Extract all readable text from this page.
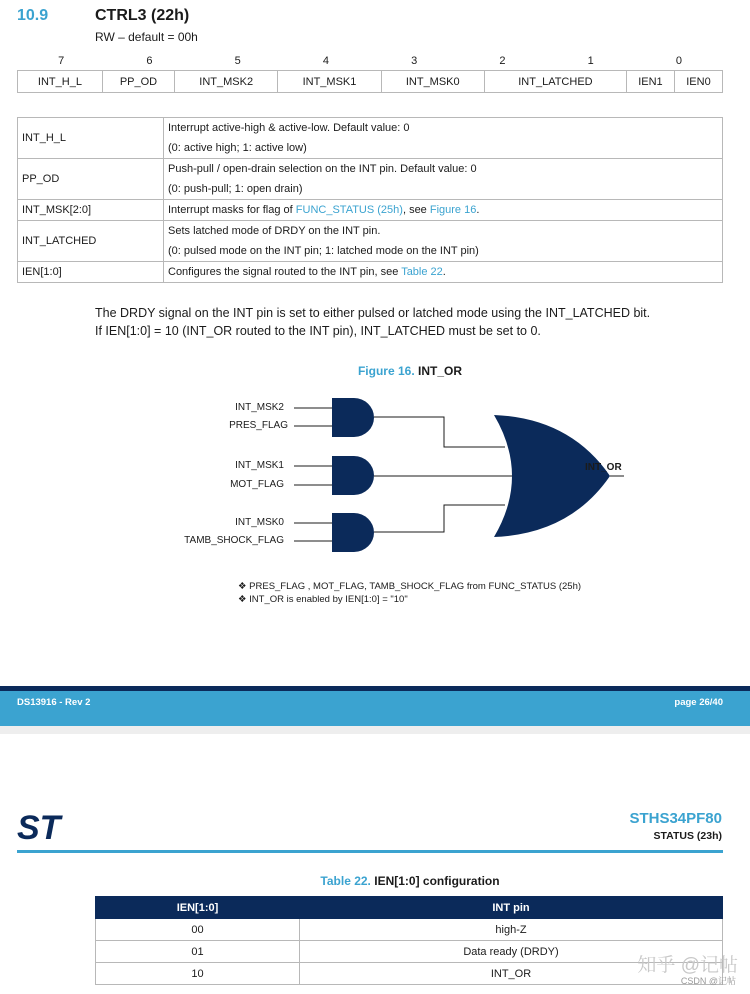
10.9	CTRL3 (22h)
RW – default = 00h
7	6	5	4	3	2	1	0
INT_H_L	PP_OD	INT_MSK2	INT_MSK1	INT_MSK0	INT_LATCHED	IEN1	IEN0
INT_H_L	Interrupt active-high & active-low. Default value: 0
(0: active high; 1: active low)

PP_OD	Push-pull / open-drain selection on the INT pin. Default value: 0
(0: push-pull; 1: open drain)

INT_MSK[2:0]	Interrupt masks for flag of FUNC_STATUS (25h), see Figure 16.

INT_LATCHED	Sets latched mode of DRDY on the INT pin.
(0: pulsed mode on the INT pin; 1: latched mode on the INT pin)

IEN[1:0]	Configures the signal routed to the INT pin, see Table 22.
The DRDY signal on the INT pin is set to either pulsed or latched mode using the INT_LATCHED bit.
If IEN[1:0] = 10 (INT_OR routed to the INT pin), INT_LATCHED must be set to 0.
Figure 16. INT_OR
INT_MSK2
PRES_FLAG
INT_MSK1
MOT_FLAG
INT_MSK0
TAMB_SHOCK_FLAG
INT_OR
❖ PRES_FLAG , MOT_FLAG, TAMB_SHOCK_FLAG from FUNC_STATUS (25h)
❖ INT_OR is enabled by IEN[1:0] = "10"
DS13916 - Rev 2	page 26/40
ST	STHS34PF80
STATUS (23h)
Table 22. IEN[1:0] configuration
IEN[1:0]	INT pin
00	high-Z
01	Data ready (DRDY)
10	INT_OR	知乎 @记帖
CSDN @记帖
